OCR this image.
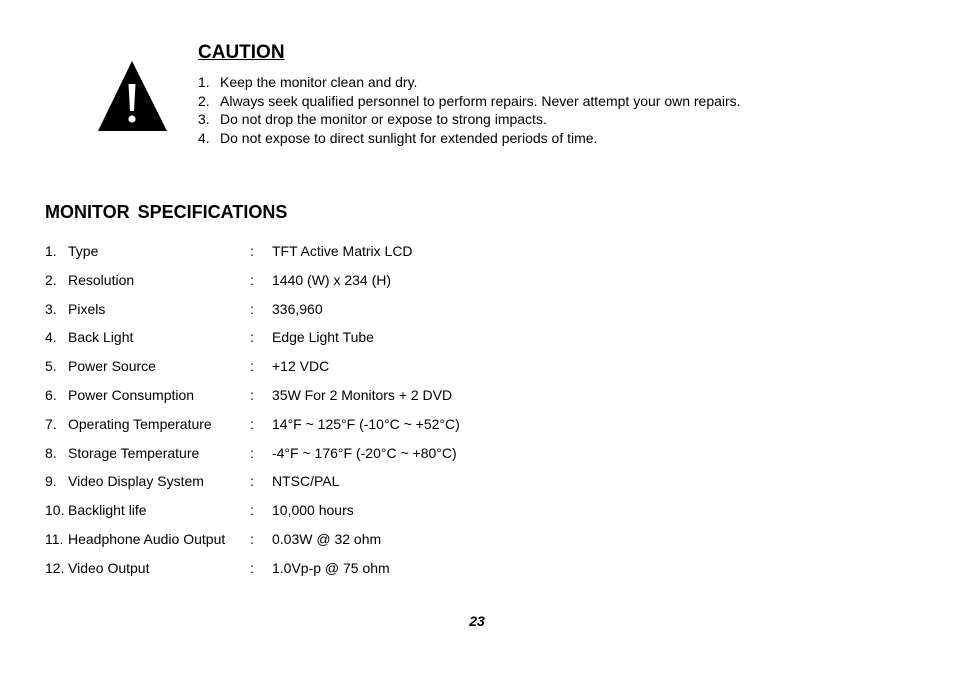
CAUTION
1. Keep the monitor clean and dry.
2. Always seek qualified personnel to perform repairs. Never attempt your own repairs.
3. Do not drop the monitor or expose to strong impacts.
4. Do not expose to direct sunlight for extended periods of time.
MONITOR SPECIFICATIONS
1. Type	: TFT Active Matrix LCD
2. Resolution	: 1440 (W) x 234 (H)
3. Pixels	: 336,960
4. Back Light	: Edge Light Tube
5. Power Source	: +12 VDC
6. Power Consumption	: 35W For 2 Monitors + 2 DVD
7. Operating Temperature	: 14°F ~ 125°F (-10°C ~ +52°C)
8. Storage Temperature	: -4°F ~ 176°F (-20°C ~ +80°C)
9. Video Display System	: NTSC/PAL
10. Backlight life	: 10,000 hours
11. Headphone Audio Output : 0.03W @ 32 ohm
12. Video Output	: 1.0Vp-p @ 75 ohm
23
